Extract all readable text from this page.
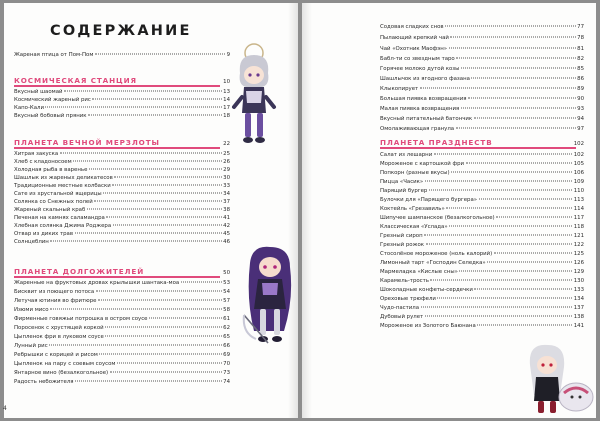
СОДЕРЖАНИЕ
Жареная птица от Пом-Пом	9
КОСМИЧЕСКАЯ СТАНЦИЯ	10
Вкусный шаомай	13
Космический жареный рис	14
Капо-Кали	17
Вкусный бобовый пряник	18
ПЛАНЕТА ВЕЧНОЙ МЕРЗЛОТЫ	22
Хитрая закуска	25
Хлеб с кладоносоем	26
Холодная рыба в варенье	29
Шашлык из жареных деликатесов	30
Традиционные местные колбаски	33
Сате из хрустальной ящерицы	34
Солянка со Снежных полей	37
Жареный скальный краб	38
Печеная на камнях саламандра	41
Хлебная солянка Джима Роджера	42
Отвар из диких трав	45
Солнцеблин	46
ПЛАНЕТА ДОЛГОЖИТЕЛЕЙ	50
Жаренные на фруктовых дровах крылышки шантака-моа	53
Бисквит из поющего потоса	54
Летучая ютиния во фритюре	57
Изюми мисо	58
Фирменные говяжьи потрошка в остром соусе	61
Поросенок с хрустящей коркой	62
Цыпленок фри в луковом соусе	65
Лунный рис	66
Ребрышки с корицей и рисом	69
Цыпленок на пару с соевым соусом	70
Янтарное вино (безалкогольное)	73
Радость небожителя	74
4
Содовая сладких снов	77
Пылающий крепкий чай	78
Чай «Охотник Маофэн»	81
Бабл-ти со звездным таро	82
Горячее молоко дутой козы	85
Шашлычок из ягодного фазана	86
Клыкопирует	89
Большая пиявка возвращения	90
Малая пиявка возвращения	93
Вкусный питательный батончик	94
Омолаживающая гранула	97
ПЛАНЕТА ПРАЗДНЕСТВ	102
Салат из лешарни	102
Мороженое с картошкой фри	105
Попкорн (разные вкусы)	106
Пицца «Часик»	109
Парящий бургер	110
Булочки для «Парящего бургера»	113
Коктейль «Грезавиль»	114
Шипучее шампанское (безалкогольное)	117
Классическая «Услада»	118
Грезный сироп	121
Грезный рожок	122
Стосолёное мороженое (ноль калорий)	125
Лимонный тарт «Господин Селедка»	126
Мармеладка «Кислые сны»	129
Карамель-трость	130
Шоколадные конфеты-сердечки	133
Ореховые трюфели	134
Чудо-пастила	137
Дубовый рулет	138
Мороженое из Золотого Баюнана	141
